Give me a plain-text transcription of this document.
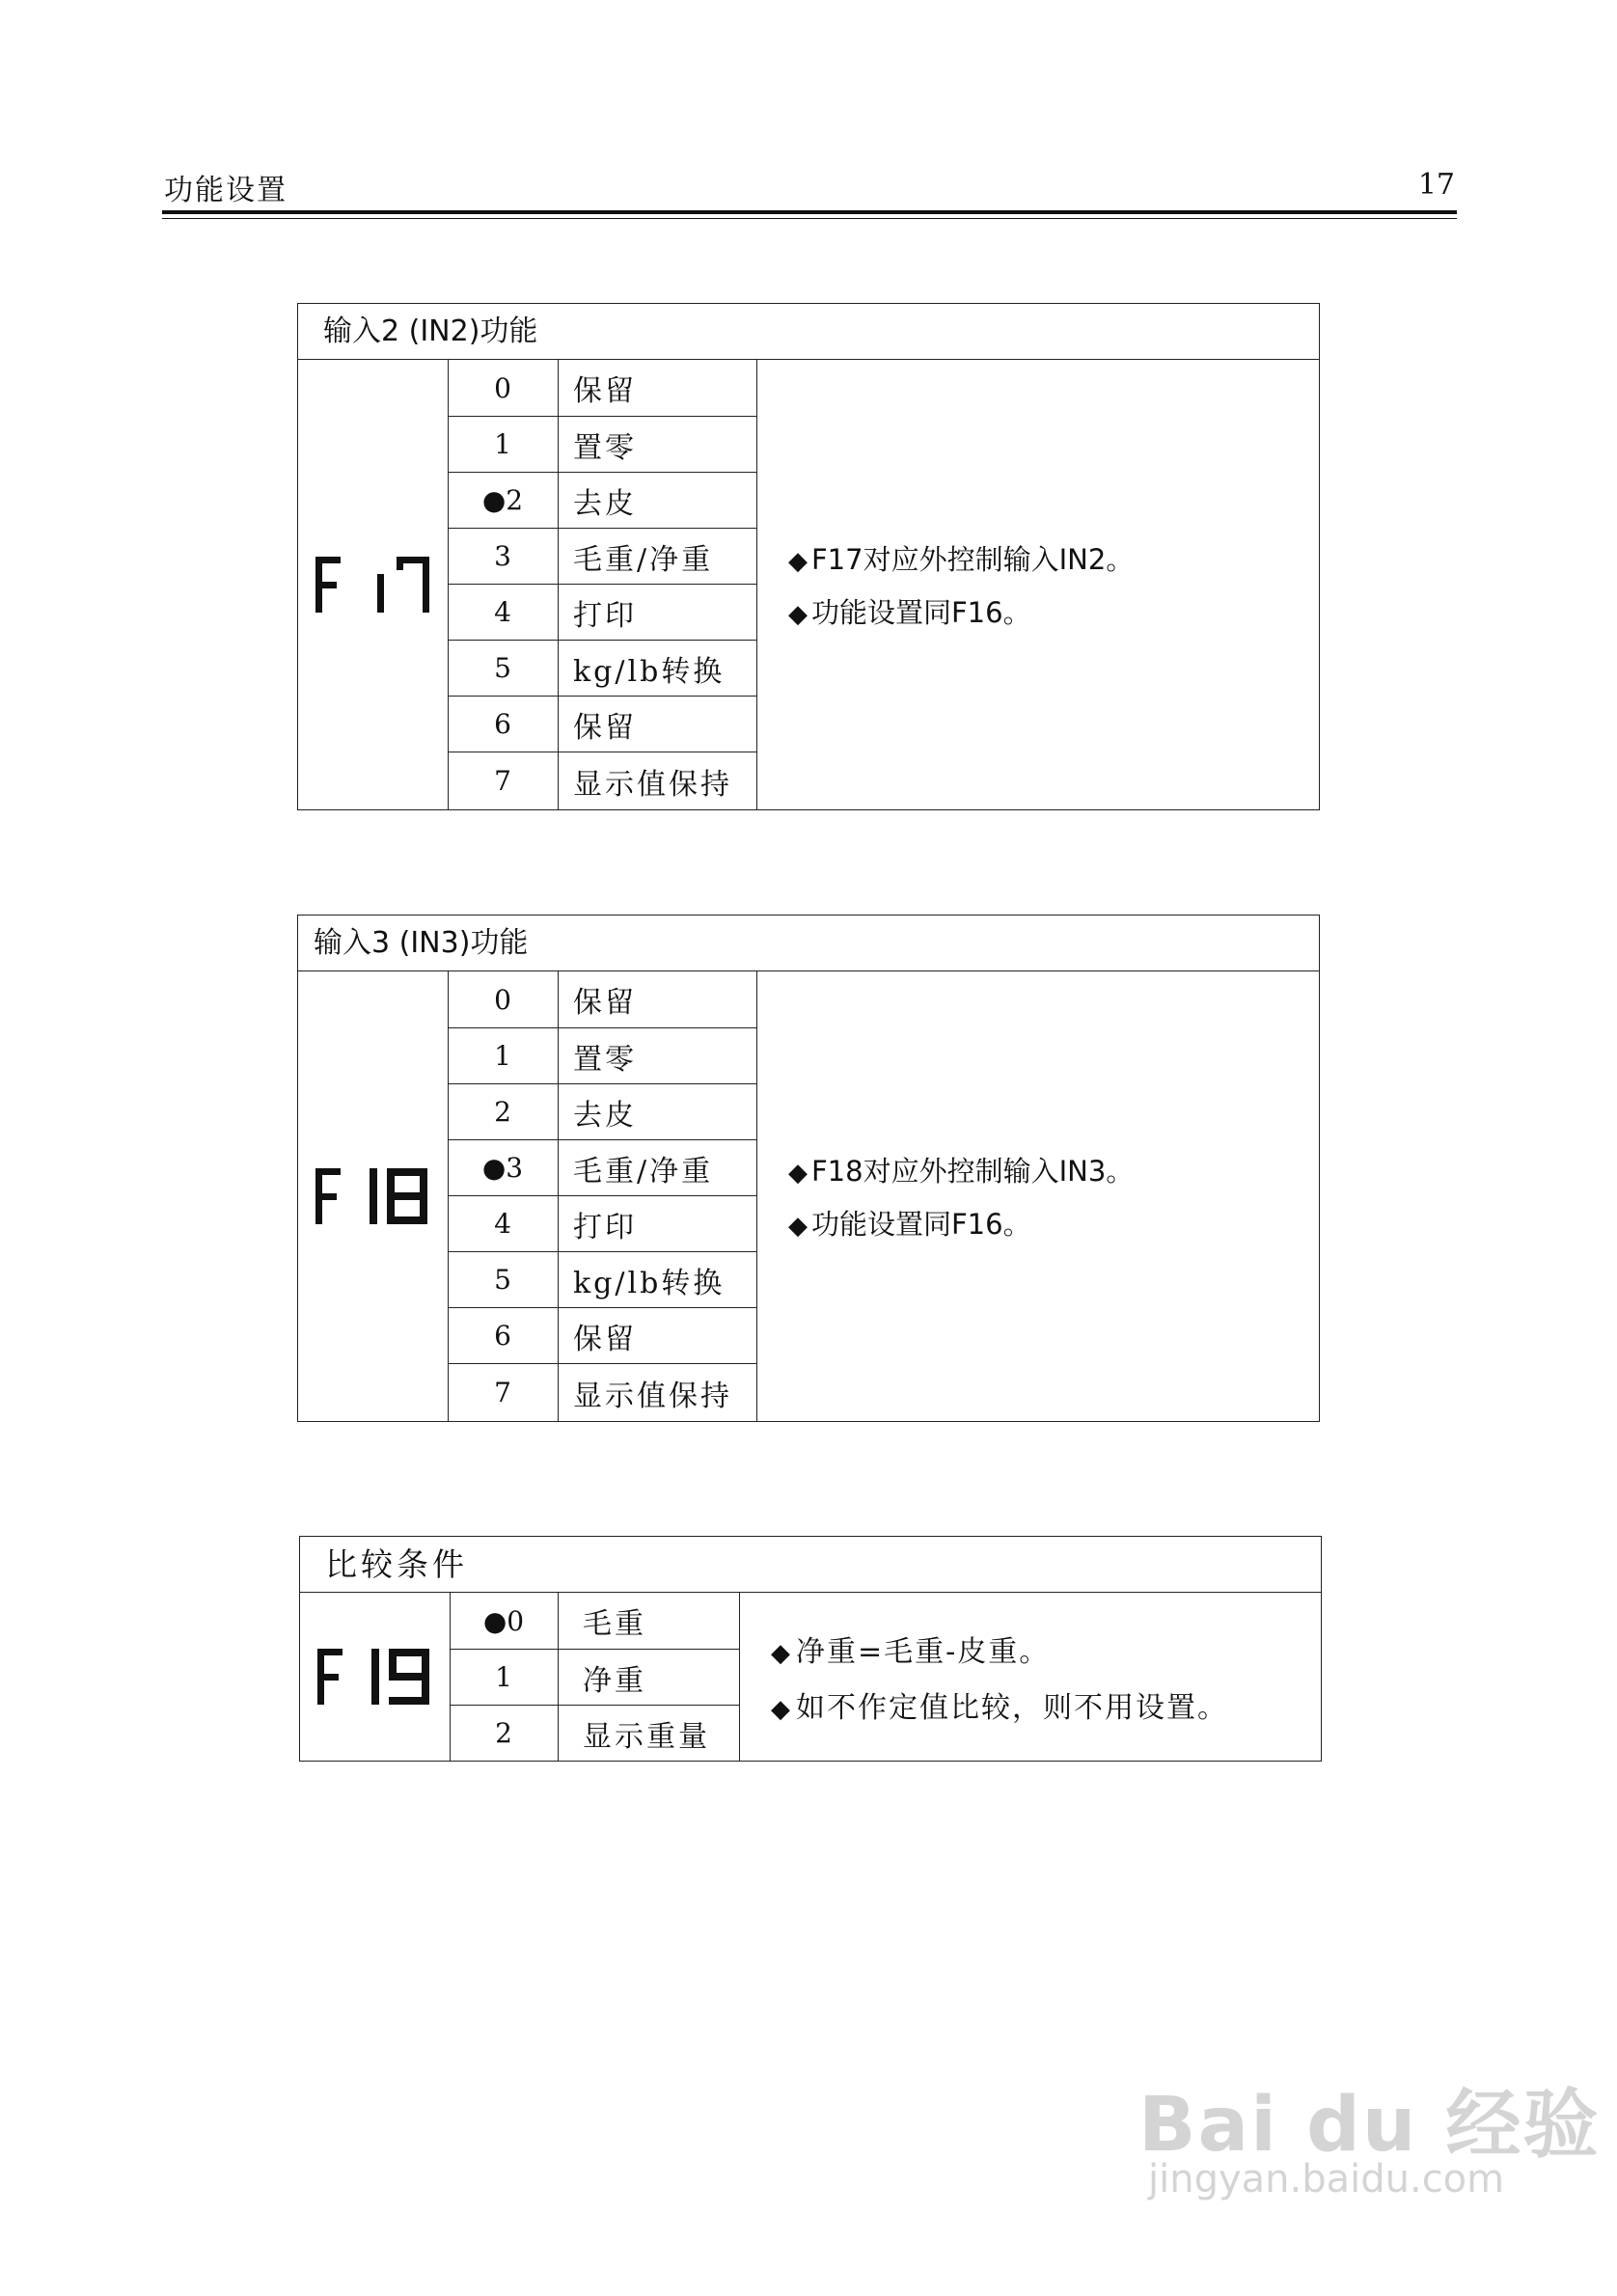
功能设置	17
输入2 (IN2)功能
0	保留
1	置零
●2	去皮
3	毛重/净重
4	打印
5	kg/lb转换
6	保留
7	显示值保持
◆ F17对应外控制输入IN2。
◆ 功能设置同F16。
输入3 (IN3)功能
0	保留
1	置零
2	去皮
●3	毛重/净重
4	打印
5	kg/lb转换
6	保留
7	显示值保持
◆ F18对应外控制输入IN3。
◆ 功能设置同F16。
比较条件
●0	毛重
1	净重
2	显示重量
◆ 净重=毛重-皮重。
◆ 如不作定值比较，则不用设置。
Bai du 经验
jingyan.baidu.com
